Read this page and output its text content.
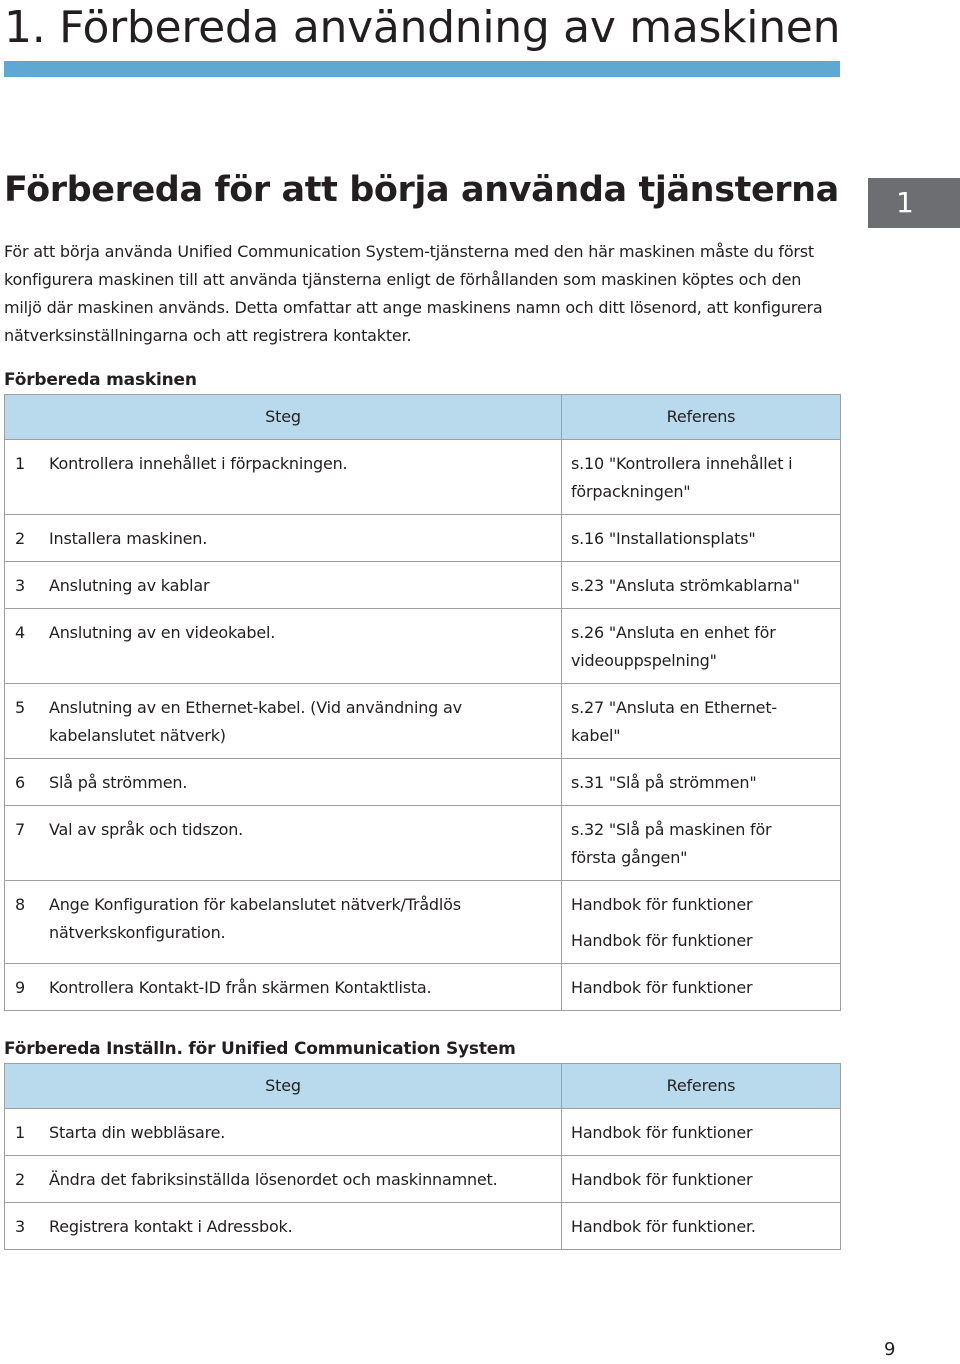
1. Förbereda användning av maskinen
Förbereda för att börja använda tjänsterna	1

För att börja använda Unified Communication System-tjänsterna med den här maskinen måste du först konfigurera maskinen till att använda tjänsterna enligt de förhållanden som maskinen köptes och den miljö där maskinen används. Detta omfattar att ange maskinens namn och ditt lösenord, att konfigurera nätverksinställningarna och att registrera kontakter.

Förbereda maskinen
Steg	Referens
1 Kontrollera innehållet i förpackningen.	s.10 "Kontrollera innehållet i förpackningen"

2 Installera maskinen.	s.16 "Installationsplats"

3 Anslutning av kablar	s.23 "Ansluta strömkablarna"

4 Anslutning av en videokabel.	s.26 "Ansluta en enhet för videouppspelning"

5 Anslutning av en Ethernet-kabel. (Vid användning av kabelanslutet nätverk)	s.27 "Ansluta en Ethernet-kabel"

6 Slå på strömmen.	s.31 "Slå på strömmen"

7 Val av språk och tidszon.	s.32 "Slå på maskinen för första gången"

8 Ange Konfiguration för kabelanslutet nätverk/Trådlös nätverkskonfiguration.	Handbok för funktioner
Handbok för funktioner

9 Kontrollera Kontakt-ID från skärmen Kontaktlista.	Handbok för funktioner
Förbereda Inställn. för Unified Communication System
Steg	Referens
1 Starta din webbläsare.	Handbok för funktioner

2 Ändra det fabriksinställda lösenordet och maskinnamnet.	Handbok för funktioner

3 Registrera kontakt i Adressbok.	Handbok för funktioner.
9
